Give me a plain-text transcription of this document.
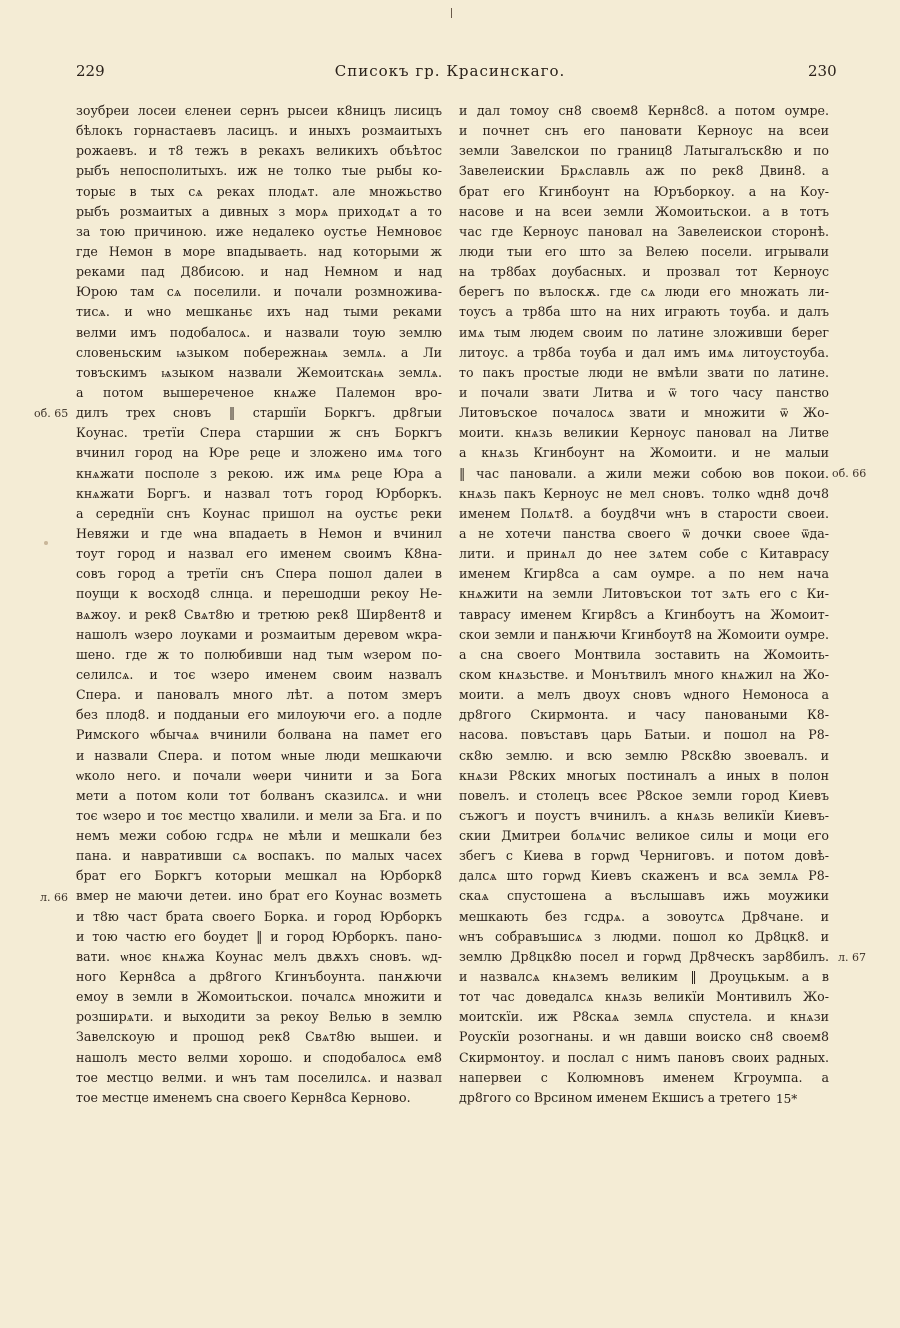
229	Списокъ гр. Красинскаго.	230
зоубреи лосеи єленеи сернъ рысеи к8ницъ лисицъ
бѣлокъ горнастаевъ ласицъ. и иныхъ розмаитыхъ
рожаевъ. и т8 тежъ в рекахъ великихъ объѣтос
рыбъ непосполитыхъ. иж не толко тые рыбы ко-
торыє в тых сѧ реках плодѧт. але множьство
рыбъ розмаитых а дивных з морѧ приходѧт а то
за тою причиною. иже недалеко оустье Немновоє
где Немон в море впадываеть. над которыми ж
реками пад Д8бисою. и над Немном и над
Юрою там сѧ поселили. и почали розмножива-
тисѧ. и ѡно мешканьє ихъ над тыми реками
велми имъ подобалосѧ. и назвали тоую землю
словеньским ѩзыком побережнаѩ землѧ. а Ли
товъскимъ ѩзыком назвали Жемоитскаѩ землѧ.
а потом вышереченое кнѧже Палемон вро-
дилъ трех сновъ ‖ старшїи Боркгъ. др8гыи
Коунас. третїи Спера старшии ж снъ Боркгъ
вчинил город на Юре реце и зложено имѧ того
кнѧжати посполе з рекою. иж имѧ реце Юра а
кнѧжати Боргъ. и назвал тотъ город Юрборкъ.
а середнїи снъ Коунас пришол на оустьє реки
Невяжи и где ѡна впадаеть в Немон и вчинил
тоут город и назвал его именем своимъ К8на-
совъ город а третїи снъ Спера пошол далеи в
поущи к восход8 слнца. и перешодши рекоу Не-
вѧжоу. и рек8 Свѧт8ю и третюю рек8 Шир8ент8 и
нашолъ ѡзеро лоуками и розмаитым деревом ѡкра-
шено. где ж то полюбивши над тым ѡзером по-
селилсѧ. и тоє ѡзеро именем своим назвалъ
Спера. и пановалъ много лѣт. а потом змеръ
без плод8. и подданыи его милоуючи его. а подле
Римского ѡбычаѧ вчинили болвана на памет его
и назвали Спера. и потом ѡные люди мешкаючи
ѡколо него. и почали ѡѳери чинити и за Бога
мети а потом коли тот болванъ сказилсѧ. и ѡни
тоє ѡзеро и тоє местцо хвалили. и мели за Бга. и по
немъ межи собою гсдрѧ не мѣли и мешкали без
пана. и навративши сѧ воспакъ. по малых часех
брат его Боркгъ которыи мешкал на Юрборк8
вмер не маючи детеи. ино брат его Коунас возметь
и т8ю част брата своего Борка. и город Юрборкъ
и тою частю его боудет ‖ и город Юрборкъ. пано-
вати. ѡноє кнѧжа Коунас мелъ двѫхъ сновъ. ѡд-
ного Керн8са а др8гого Кгинъбоунта. панѫючи
емоу в земли в Жомоитьскои. почалсѧ множити и
розширѧти. и выходити за рекоу Велью в землю
Завелскоую и прошод рек8 Свѧт8ю вышеи. и
нашолъ место велми хорошо. и сподобалосѧ ем8
тое местцо велми. и ѡнъ там поселилсѧ. и назвал
тое местце именемъ сна своего Керн8са Керново.
и дал томоу сн8 своем8 Керн8с8. а потом оумре.
и почнет снъ его пановати Керноус на всеи
земли Завелскои по границ8 Латыгалъск8ю и по
Завелеискии Брѧславль аж по рек8 Двин8. а
брат его Кгинбоунт на Юръборкоу. а на Коу-
насове и на всеи земли Жомоитьскои. а в тотъ
час где Керноус пановал на Завелеискои сторонѣ.
люди тыи его што за Велею посели. игрывали
на тр8бах доубасных. и прозвал тот Керноус
берегъ по вълоскѫ. где сѧ люди его множать ли-
тоусъ а тр8ба што на них играють тоуба. и далъ
имѧ тым людем своим по латине зложивши берег
литоус. а тр8ба тоуба и дал имъ имѧ литоустоуба.
то пакъ простые люди не вмѣли звати по латине.
и почали звати Литва и ѿ того часу панство
Литовъское почалосѧ звати и множити ѿ Жо-
моити. кнѧзь великии Керноус пановал на Литве
а кнѧзь Кгинбоунт на Жомоити. и не малыи
‖ час пановали. а жили межи собою вов покои.
кнѧзь пакъ Керноус не мел сновъ. толко ѡдн8 доч8
именем Полѧт8. а боуд8чи ѡнъ в старости своеи.
а не хотечи панства своего ѿ дочки своее ѿда-
лити. и принѧл до нее зѧтем собе с Китаврасу
именем Кгир8са а сам оумре. а по нем нача
кнѧжити на земли Литовъскои тот зѧть его с Ки-
таврасу именем Кгир8съ а Кгинбоутъ на Жомоит-
скои земли и панѫючи Кгинбоут8 на Жомоити оумре.
а сна своего Монтвила зоставить на Жомоить-
ском кнѧзьстве. и Монътвилъ много кнѧжил на Жо-
моити. а мелъ двоух сновъ ѡдного Немоноса а
др8гого Скирмонта. и часу пановаными К8-
насова. повъставъ царь Батыи. и пошол на Р8-
ск8ю землю. и всю землю Р8ск8ю звоевалъ. и
кнѧзи Р8ских многых постиналъ а иных в полон
повелъ. и столецъ всеє Р8ское земли город Киевъ
съжогъ и поустъ вчинилъ. а кнѧзь великїи Киевъ-
скии Дмитреи болѧчис великое силы и моци его
збегъ с Киева в горѡд Черниговъ. и потом довѣ-
далсѧ што горѡд Киевъ скаженъ и всѧ землѧ Р8-
скаѧ спустошена а въслышавъ ижь моужики
мешкають без гсдрѧ. а зовоутсѧ Др8чане. и
ѡнъ собравъшисѧ з людми. пошол ко Др8цк8. и
землю Др8цк8ю посел и горѡд Др8ческъ зар8билъ.
и назвалсѧ кнѧземъ великим ‖ Дроуцькым. а в
тот час доведалсѧ кнѧзь великїи Монтивилъ Жо-
моитскїи. иж Р8скаѧ землѧ спустела. и кнѧзи
Роускїи розогнаны. и ѡн давши воиско сн8 своем8
Скирмонтоу. и послал с нимъ пановъ своих радных.
напервеи с Колюмновъ именем Кгроумпа. а
др8гого со Врсином именем Екшисъ а третего
об. 65
л. 66
об. 66
л. 67
15*
